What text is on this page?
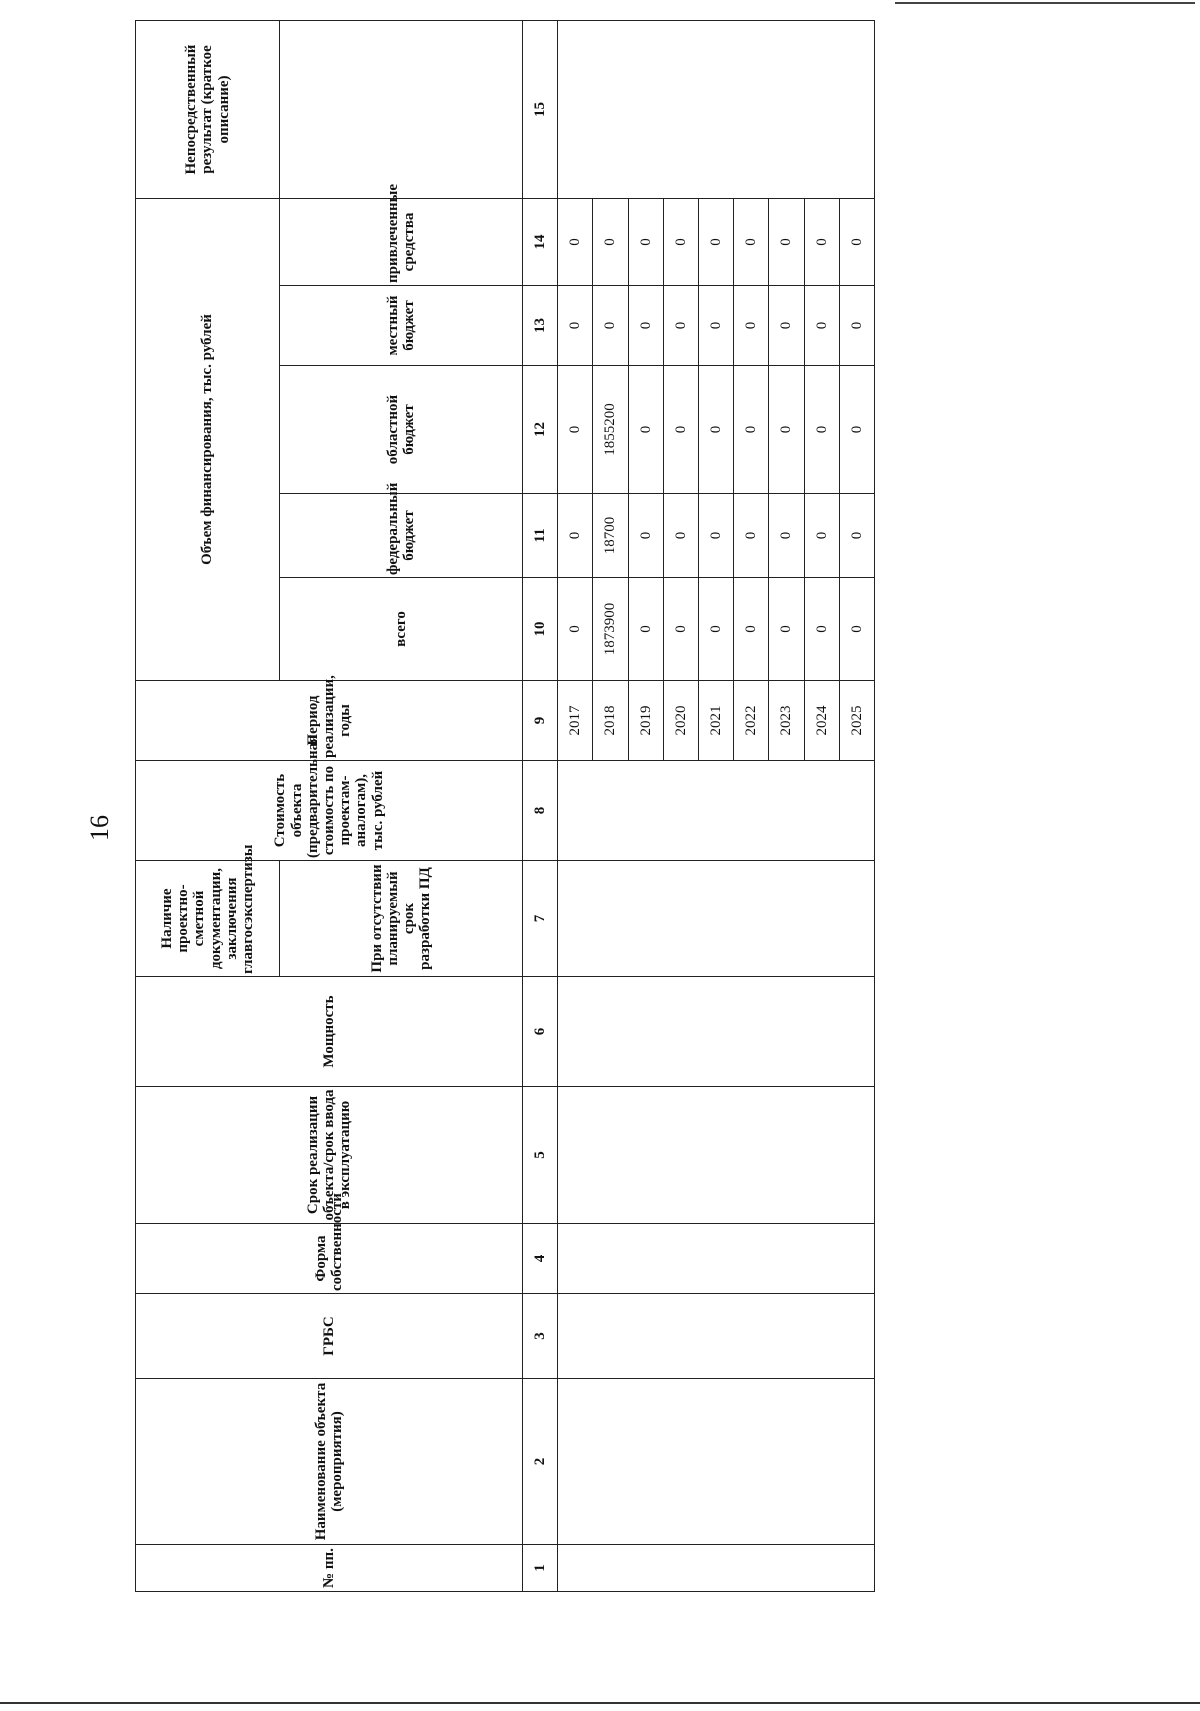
16
№ пп.	Наименование объекта (мероприятия)	ГРБС	Форма собственности	Срок реализации объекта/срок ввода в эксплуатацию	Мощность	Наличие проектно-сметной документации, заключения главгосэкспертизы	Стоимость объекта (предварительная стоимость по проектам-аналогам), тыс. рублей	Период реализации, годы	Объем финансирования, тыс. рублей					Непосредственный результат (краткое описание)
						При отсутствии планируемый срок разработки ПД			всего	федеральный бюджет	областной бюджет	местный бюджет	привлеченные средства	
1	2	3	4	5	6	7	8	9	10	11	12	13	14	15
								2017	0	0	0	0	0	
								2018	1873900	18700	1855200	0	0	
								2019	0	0	0	0	0	
								2020	0	0	0	0	0	
								2021	0	0	0	0	0	
								2022	0	0	0	0	0	
								2023	0	0	0	0	0	
								2024	0	0	0	0	0	
								2025	0	0	0	0	0	
